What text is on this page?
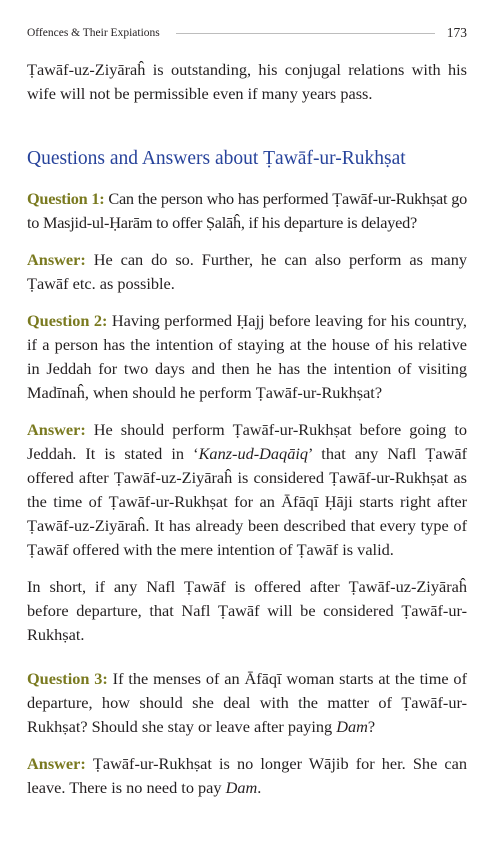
Offences & Their Expiations	173

Ṭawāf-uz-Ziyāraĥ is outstanding, his conjugal relations with his wife will not be permissible even if many years pass.

Questions and Answers about Ṭawāf-ur-Rukhṣat

Question 1: Can the person who has performed Ṭawāf-ur-Rukhṣat go to Masjid-ul-Ḥarām to offer Ṣalāĥ, if his departure is delayed?

Answer: He can do so. Further, he can also perform as many Ṭawāf etc. as possible.

Question 2: Having performed Ḥajj before leaving for his country, if a person has the intention of staying at the house of his relative in Jeddah for two days and then he has the intention of visiting Madīnaĥ, when should he perform Ṭawāf-ur-Rukhṣat?

Answer: He should perform Ṭawāf-ur-Rukhṣat before going to Jeddah. It is stated in ‘Kanz-ud-Daqāiq’ that any Nafl Ṭawāf offered after Ṭawāf-uz-Ziyāraĥ is considered Ṭawāf-ur-Rukhṣat as the time of Ṭawāf-ur-Rukhṣat for an Āfāqī Ḥāji starts right after Ṭawāf-uz-Ziyāraĥ. It has already been described that every type of Ṭawāf offered with the mere intention of Ṭawāf is valid.

In short, if any Nafl Ṭawāf is offered after Ṭawāf-uz-Ziyāraĥ before departure, that Nafl Ṭawāf will be considered Ṭawāf-ur-Rukhṣat.

Question 3: If the menses of an Āfāqī woman starts at the time of departure, how should she deal with the matter of Ṭawāf-ur-Rukhṣat? Should she stay or leave after paying Dam?

Answer: Ṭawāf-ur-Rukhṣat is no longer Wājib for her. She can leave. There is no need to pay Dam.
